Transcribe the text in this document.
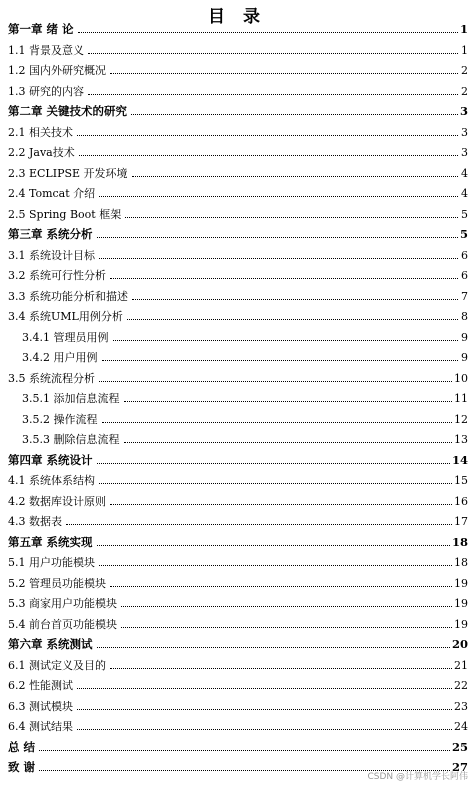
目 录
第一章 绪 论	1
1.1 背景及意义	1
1.2 国内外研究概况	2
1.3 研究的内容	2
第二章 关键技术的研究	3
2.1 相关技术	3
2.2 Java技术	3
2.3 ECLIPSE 开发环境	4
2.4 Tomcat 介绍	4
2.5 Spring Boot 框架	5
第三章 系统分析	5
3.1 系统设计目标	6
3.2 系统可行性分析	6
3.3 系统功能分析和描述	7
3.4 系统UML用例分析	8
3.4.1 管理员用例	9
3.4.2 用户用例	9
3.5 系统流程分析	10
3.5.1 添加信息流程	11
3.5.2 操作流程	12
3.5.3 删除信息流程	13
第四章 系统设计	14
4.1 系统体系结构	15
4.2 数据库设计原则	16
4.3 数据表	17
第五章 系统实现	18
5.1 用户功能模块	18
5.2 管理员功能模块	19
5.3 商家用户功能模块	19
5.4 前台首页功能模块	19
第六章 系统测试	20
6.1 测试定义及目的	21
6.2 性能测试	22
6.3 测试模块	23
6.4 测试结果	24
总 结	25
致 谢	27
CSDN @计算机学长阿伟
